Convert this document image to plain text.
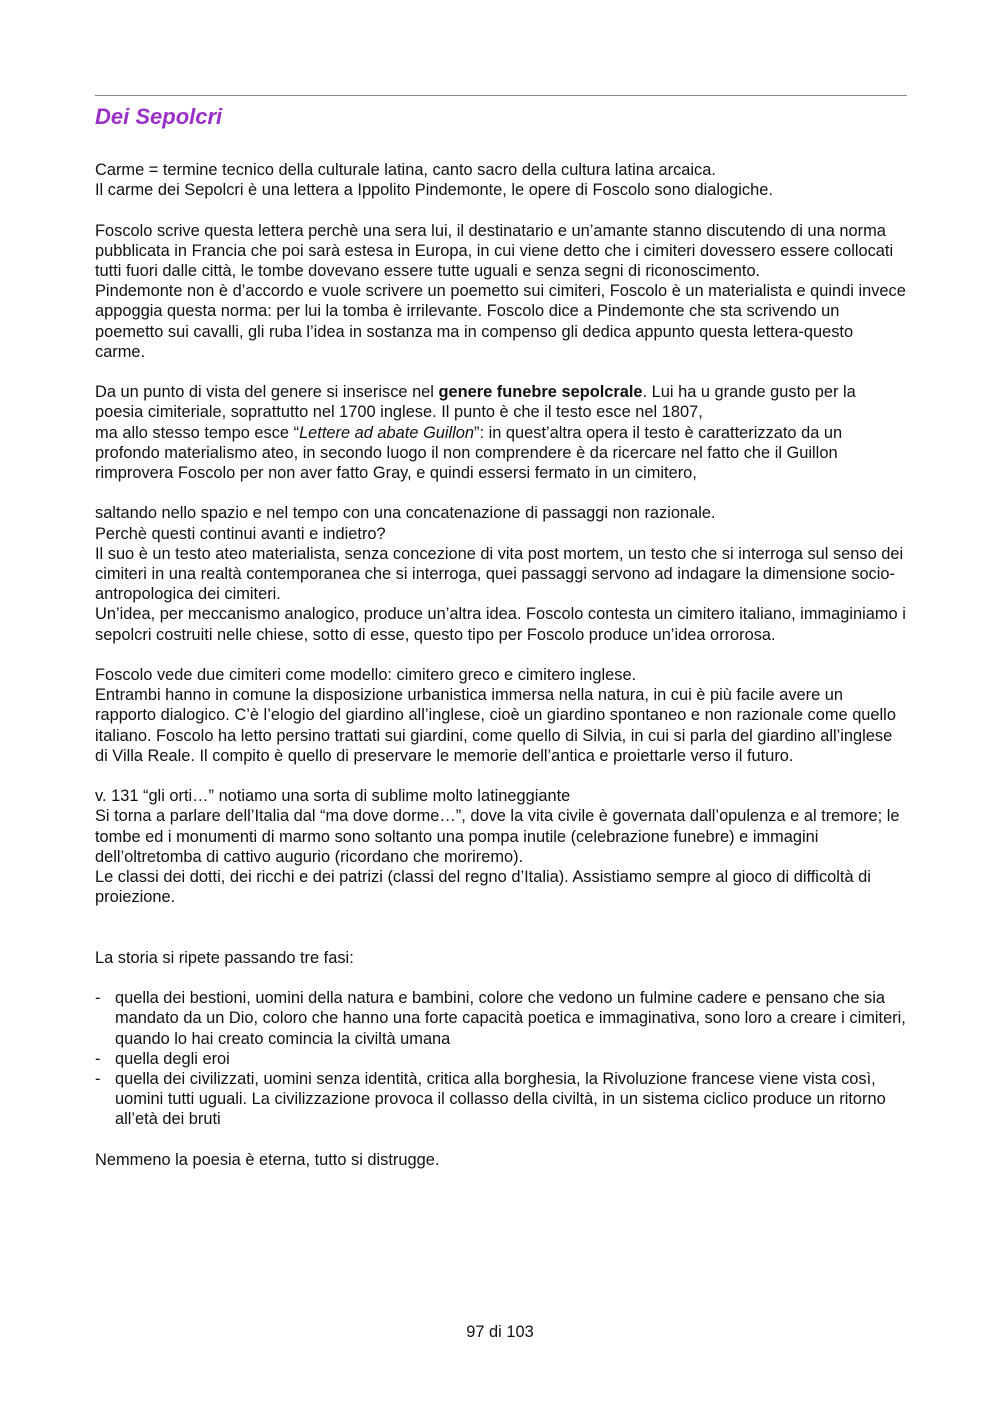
Dei Sepolcri

Carme = termine tecnico della culturale latina, canto sacro della cultura latina arcaica.

Il carme dei Sepolcri è una lettera a Ippolito Pindemonte, le opere di Foscolo sono dialogiche.

Foscolo scrive questa lettera perchè una sera lui, il destinatario e un’amante stanno discutendo di una norma pubblicata in Francia che poi sarà estesa in Europa, in cui viene detto che i cimiteri dovessero essere collocati tutti fuori dalle città, le tombe dovevano essere tutte uguali e senza segni di riconoscimento.

Pindemonte non è d’accordo e vuole scrivere un poemetto sui cimiteri, Foscolo è un materialista e quindi invece appoggia questa norma: per lui la tomba è irrilevante. Foscolo dice a Pindemonte che sta scrivendo un poemetto sui cavalli, gli ruba l’idea in sostanza ma in compenso gli dedica appunto questa lettera-questo carme.

Da un punto di vista del genere si inserisce nel genere funebre sepolcrale. Lui ha u grande gusto per la poesia cimiteriale, soprattutto nel 1700 inglese. Il punto è che il testo esce nel 1807,

ma allo stesso tempo esce “Lettere ad abate Guillon”: in quest’altra opera il testo è caratterizzato da un profondo materialismo ateo, in secondo luogo il non comprendere è da ricercare nel fatto che il Guillon rimprovera Foscolo per non aver fatto Gray, e quindi essersi fermato in un cimitero,

saltando nello spazio e nel tempo con una concatenazione di passaggi non razionale.

Perchè questi continui avanti e indietro?

Il suo è un testo ateo materialista, senza concezione di vita post mortem, un testo che si interroga sul senso dei cimiteri in una realtà contemporanea che si interroga, quei passaggi servono ad indagare la dimensione socio-antropologica dei cimiteri.

Un’idea, per meccanismo analogico, produce un’altra idea. Foscolo contesta un cimitero italiano, immaginiamo i sepolcri costruiti nelle chiese, sotto di esse, questo tipo per Foscolo produce un’idea orrorosa.

Foscolo vede due cimiteri come modello: cimitero greco e cimitero inglese.

Entrambi hanno in comune la disposizione urbanistica immersa nella natura, in cui è più facile avere un rapporto dialogico. C’è l’elogio del giardino all’inglese, cioè un giardino spontaneo e non razionale come quello italiano. Foscolo ha letto persino trattati sui giardini, come quello di Silvia, in cui si parla del giardino all’inglese di Villa Reale. Il compito è quello di preservare le memorie dell’antica e proiettarle verso il futuro.

v. 131 “gli orti…” notiamo una sorta di sublime molto latineggiante

Si torna a parlare dell’Italia dal “ma dove dorme…”, dove la vita civile è governata dall’opulenza e al tremore; le tombe ed i monumenti di marmo sono soltanto una pompa inutile (celebrazione funebre) e immagini dell’oltretomba di cattivo augurio (ricordano che moriremo).

Le classi dei dotti, dei ricchi e dei patrizi (classi del regno d’Italia). Assistiamo sempre al gioco di difficoltà di proiezione.

La storia si ripete passando tre fasi:

- quella dei bestioni, uomini della natura e bambini, colore che vedono un fulmine cadere e pensano che sia mandato da un Dio, coloro che hanno una forte capacità poetica e immaginativa, sono loro a creare i cimiteri, quando lo hai creato comincia la civiltà umana
- quella degli eroi
- quella dei civilizzati, uomini senza identità, critica alla borghesia, la Rivoluzione francese viene vista così, uomini tutti uguali. La civilizzazione provoca il collasso della civiltà, in un sistema ciclico produce un ritorno all’età dei bruti

Nemmeno la poesia è eterna, tutto si distrugge.

97 di 103
